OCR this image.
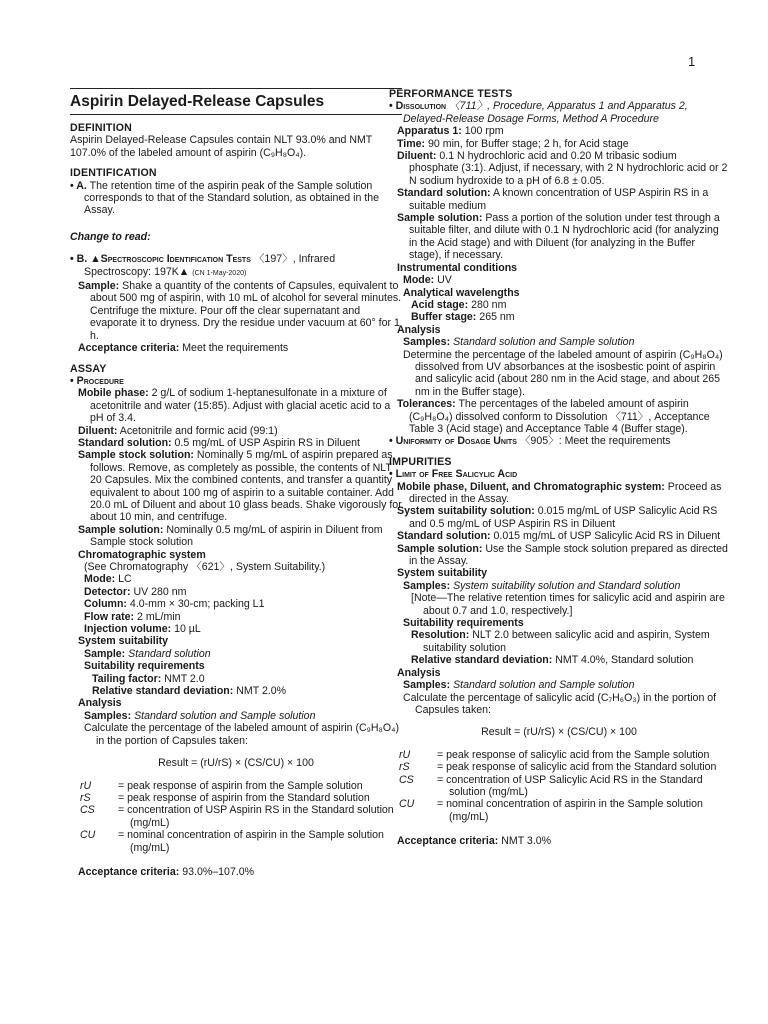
1
Aspirin Delayed-Release Capsules
DEFINITION
Aspirin Delayed-Release Capsules contain NLT 93.0% and NMT 107.0% of the labeled amount of aspirin (C₉H₈O₄).
IDENTIFICATION
• A. The retention time of the aspirin peak of the Sample solution corresponds to that of the Standard solution, as obtained in the Assay.
Change to read:
• B. ▲Spectroscopic Identification Tests 〈197〉, Infrared Spectroscopy: 197K▲ (CN 1-May-2020)
Sample: Shake a quantity of the contents of Capsules, equivalent to about 500 mg of aspirin, with 10 mL of alcohol for several minutes. Centrifuge the mixture. Pour off the clear supernatant and evaporate it to dryness. Dry the residue under vacuum at 60° for 1 h.
Acceptance criteria: Meet the requirements
ASSAY
• Procedure
Mobile phase: 2 g/L of sodium 1-heptanesulfonate in a mixture of acetonitrile and water (15:85). Adjust with glacial acetic acid to a pH of 3.4.
Diluent: Acetonitrile and formic acid (99:1)
Standard solution: 0.5 mg/mL of USP Aspirin RS in Diluent
Sample stock solution: Nominally 5 mg/mL of aspirin prepared as follows. Remove, as completely as possible, the contents of NLT 20 Capsules. Mix the combined contents, and transfer a quantity equivalent to about 100 mg of aspirin to a suitable container. Add 20.0 mL of Diluent and about 10 glass beads. Shake vigorously for about 10 min, and centrifuge.
Sample solution: Nominally 0.5 mg/mL of aspirin in Diluent from Sample stock solution
Chromatographic system
(See Chromatography 〈621〉, System Suitability.)
Mode: LC
Detector: UV 280 nm
Column: 4.0-mm × 30-cm; packing L1
Flow rate: 2 mL/min
Injection volume: 10 µL
System suitability
Sample: Standard solution
Suitability requirements
Tailing factor: NMT 2.0
Relative standard deviation: NMT 2.0%
Analysis
Samples: Standard solution and Sample solution
Calculate the percentage of the labeled amount of aspirin (C₉H₈O₄) in the portion of Capsules taken:
Result = (rU/rS) × (CS/CU) × 100
rU	= peak response of aspirin from the Sample solution
rS	= peak response of aspirin from the Standard solution
CS	= concentration of USP Aspirin RS in the Standard solution (mg/mL)
CU	= nominal concentration of aspirin in the Sample solution (mg/mL)
Acceptance criteria: 93.0%–107.0%
PERFORMANCE TESTS
• Dissolution 〈711〉, Procedure, Apparatus 1 and Apparatus 2, Delayed-Release Dosage Forms, Method A Procedure
Apparatus 1: 100 rpm
Time: 90 min, for Buffer stage; 2 h, for Acid stage
Diluent: 0.1 N hydrochloric acid and 0.20 M tribasic sodium phosphate (3:1). Adjust, if necessary, with 2 N hydrochloric acid or 2 N sodium hydroxide to a pH of 6.8 ± 0.05.
Standard solution: A known concentration of USP Aspirin RS in a suitable medium
Sample solution: Pass a portion of the solution under test through a suitable filter, and dilute with 0.1 N hydrochloric acid (for analyzing in the Acid stage) and with Diluent (for analyzing in the Buffer stage), if necessary.
Instrumental conditions
Mode: UV
Analytical wavelengths
Acid stage: 280 nm
Buffer stage: 265 nm
Analysis
Samples: Standard solution and Sample solution
Determine the percentage of the labeled amount of aspirin (C₉H₈O₄) dissolved from UV absorbances at the isosbestic point of aspirin and salicylic acid (about 280 nm in the Acid stage, and about 265 nm in the Buffer stage).
Tolerances: The percentages of the labeled amount of aspirin (C₉H₈O₄) dissolved conform to Dissolution 〈711〉, Acceptance Table 3 (Acid stage) and Acceptance Table 4 (Buffer stage).
• Uniformity of Dosage Units 〈905〉: Meet the requirements
IMPURITIES
• Limit of Free Salicylic Acid
Mobile phase, Diluent, and Chromatographic system: Proceed as directed in the Assay.
System suitability solution: 0.015 mg/mL of USP Salicylic Acid RS and 0.5 mg/mL of USP Aspirin RS in Diluent
Standard solution: 0.015 mg/mL of USP Salicylic Acid RS in Diluent
Sample solution: Use the Sample stock solution prepared as directed in the Assay.
System suitability
Samples: System suitability solution and Standard solution
[Note—The relative retention times for salicylic acid and aspirin are about 0.7 and 1.0, respectively.]
Suitability requirements
Resolution: NLT 2.0 between salicylic acid and aspirin, System suitability solution
Relative standard deviation: NMT 4.0%, Standard solution
Analysis
Samples: Standard solution and Sample solution
Calculate the percentage of salicylic acid (C₇H₆O₃) in the portion of Capsules taken:
Result = (rU/rS) × (CS/CU) × 100
rU	= peak response of salicylic acid from the Sample solution
rS	= peak response of salicylic acid from the Standard solution
CS	= concentration of USP Salicylic Acid RS in the Standard solution (mg/mL)
CU	= nominal concentration of aspirin in the Sample solution (mg/mL)
Acceptance criteria: NMT 3.0%
